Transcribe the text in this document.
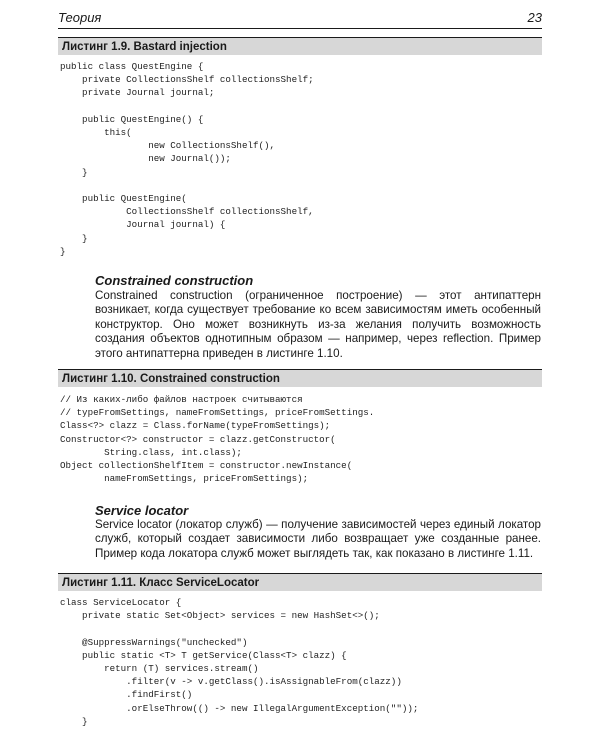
Теория	23
Листинг 1.9. Bastard injection
public class QuestEngine {
private CollectionsShelf collectionsShelf;
private Journal journal;

public QuestEngine() {
this(
new CollectionsShelf(),
new Journal());
}

public QuestEngine(
CollectionsShelf collectionsShelf,
Journal journal) {
}
}
Constrained construction

Constrained construction (ограниченное построение) — этот антипаттерн возникает, когда существует требование ко всем зависимостям иметь особенный конструктор. Оно может возникнуть из-за желания получить возможность создания объектов однотипным образом — например, через reflection. Пример этого антипаттерна приведен в листинге 1.10.

Листинг 1.10. Constrained construction
// Из каких-либо файлов настроек считываются
// typeFromSettings, nameFromSettings, priceFromSettings.
Class<?> clazz = Class.forName(typeFromSettings);
Constructor<?> constructor = clazz.getConstructor(
String.class, int.class);
Object collectionShelfItem = constructor.newInstance(
nameFromSettings, priceFromSettings);
Service locator

Service locator (локатор служб) — получение зависимостей через единый локатор служб, который создает зависимости либо возвращает уже созданные ранее. Пример кода локатора служб может выглядеть так, как показано в листинге 1.11.

Листинг 1.11. Класс ServiceLocator
class ServiceLocator {
private static Set<Object> services = new HashSet<>();

@SuppressWarnings("unchecked")
public static <T> T getService(Class<T> clazz) {
return (T) services.stream()
.filter(v -> v.getClass().isAssignableFrom(clazz))
.findFirst()
.orElseThrow(() -> new IllegalArgumentException(""));
}
